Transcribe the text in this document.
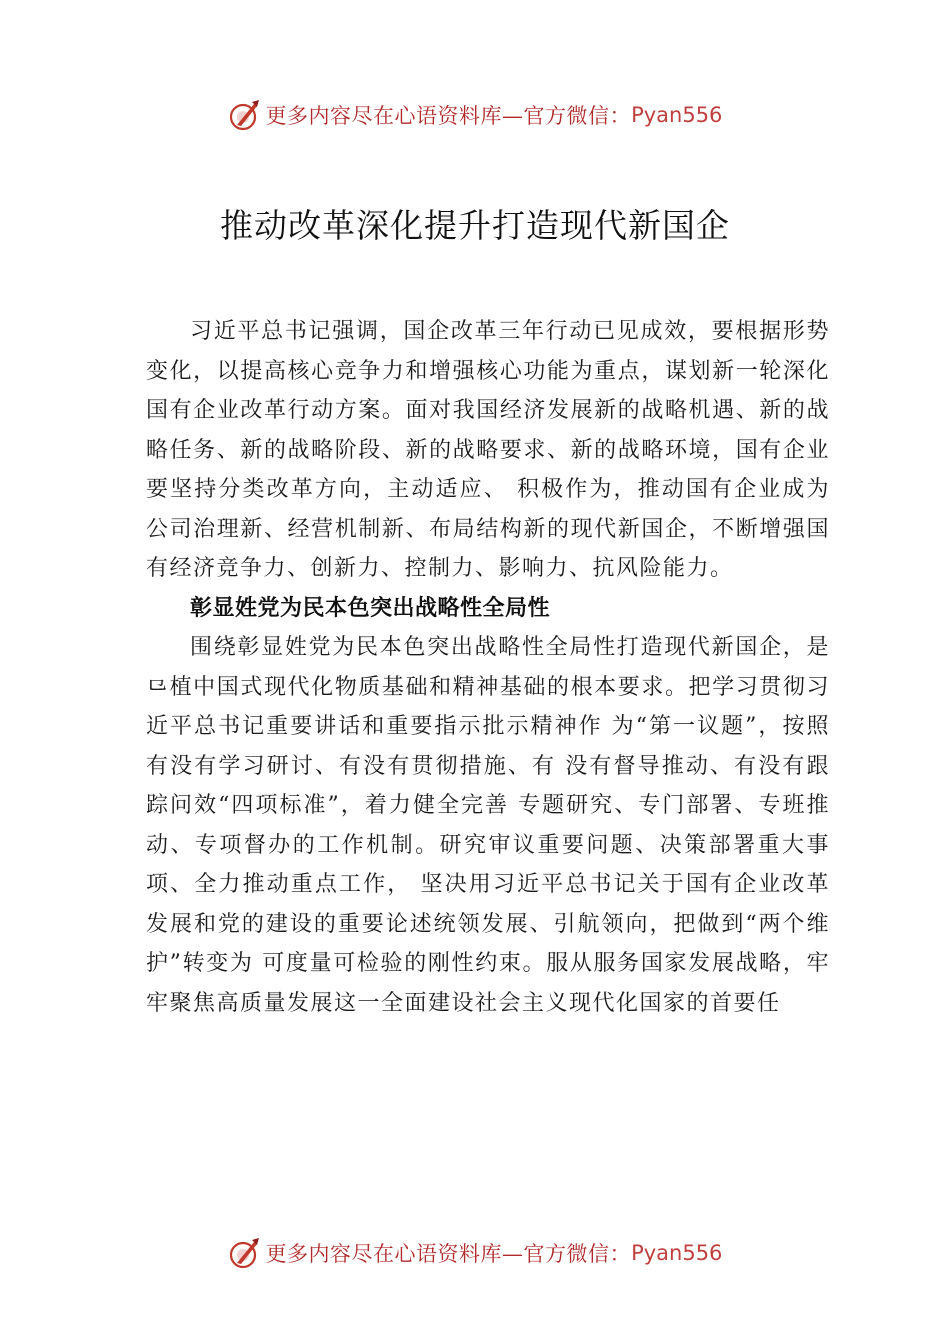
更多内容尽在心语资料库—官方微信： Pyan556
推动改革深化提升打造现代新国企

习近平总书记强调，国企改革三年行动已见成效，要根据形势变化，以提高核心竞争力和增强核心功能为重点，谋划新一轮深化国有企业改革行动方案。面对我国经济发展新的战略机遇、新的战略任务、新的战略阶段、新的战略要求、新的战略环境，国有企业要坚持分类改革方向，主动适应、 积极作为，推动国有企业成为公司治理新、经营机制新、布局结构新的现代新国企，不断增强国有经济竞争力、创新力、控制力、影响力、抗风险能力。

彰显姓党为民本色突出战略性全局性

围绕彰显姓党为民本色突出战略性全局性打造现代新国企，是⺋植中国式现代化物质基础和精神基础的根本要求。把学习贯彻习近平总书记重要讲话和重要指示批示精神作 为“第一议题”，按照有没有学习研讨、有没有贯彻措施、有 没有督导推动、有没有跟踪问效“四项标准”，着力健全完善 专题研究、专门部署、专班推动、专项督办的工作机制。研究审议重要问题、决策部署重大事项、全力推动重点工作， 坚决用习近平总书记关于国有企业改革发展和党的建设的重要论述统领发展、引航领向，把做到“两个维护”转变为 可度量可检验的刚性约束。服从服务国家发展战略，牢牢聚焦高质量发展这一全面建设社会主义现代化国家的首要任

更多内容尽在心语资料库—官方微信： Pyan556
